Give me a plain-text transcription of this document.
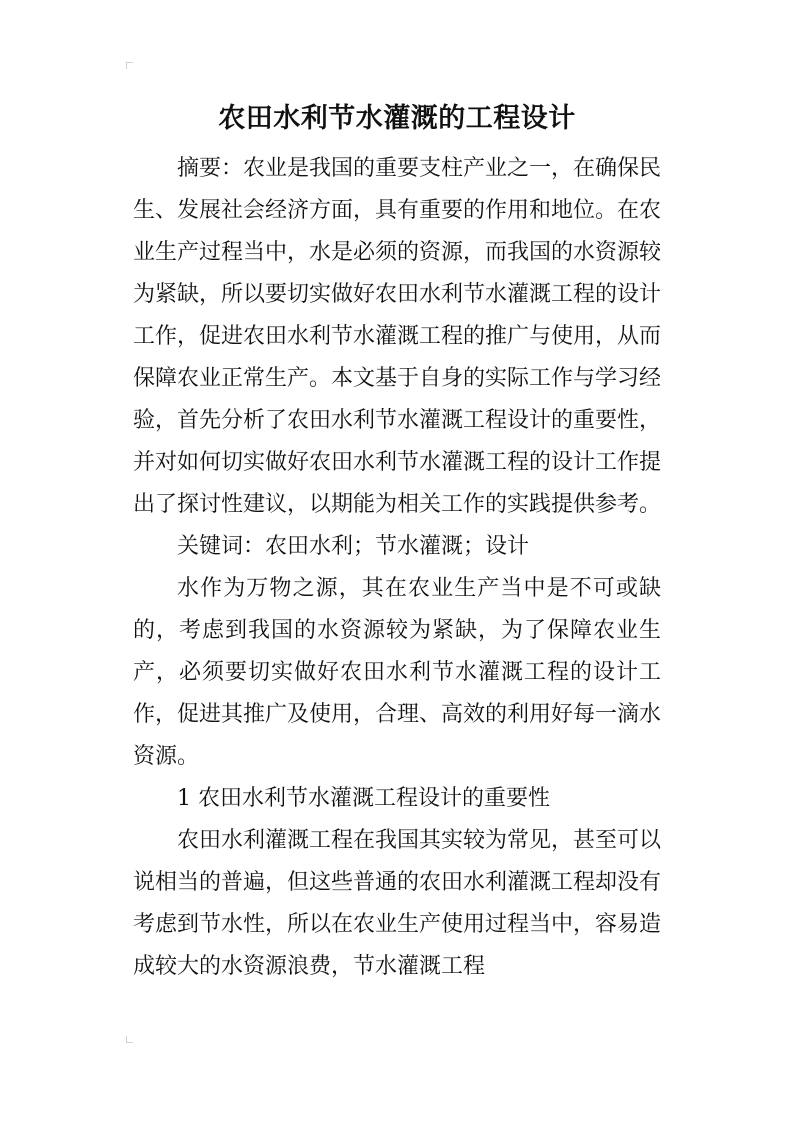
农田水利节水灌溉的工程设计

摘要：农业是我国的重要支柱产业之一，在确保民生、发展社会经济方面，具有重要的作用和地位。在农业生产过程当中，水是必须的资源，而我国的水资源较为紧缺，所以要切实做好农田水利节水灌溉工程的设计工作，促进农田水利节水灌溉工程的推广与使用，从而保障农业正常生产。本文基于自身的实际工作与学习经验，首先分析了农田水利节水灌溉工程设计的重要性，并对如何切实做好农田水利节水灌溉工程的设计工作提出了探讨性建议，以期能为相关工作的实践提供参考。

关键词：农田水利；节水灌溉；设计

水作为万物之源，其在农业生产当中是不可或缺的，考虑到我国的水资源较为紧缺，为了保障农业生产，必须要切实做好农田水利节水灌溉工程的设计工作，促进其推广及使用，合理、高效的利用好每一滴水资源。

1 农田水利节水灌溉工程设计的重要性

农田水利灌溉工程在我国其实较为常见，甚至可以说相当的普遍，但这些普通的农田水利灌溉工程却没有考虑到节水性，所以在农业生产使用过程当中，容易造成较大的水资源浪费，节水灌溉工程
